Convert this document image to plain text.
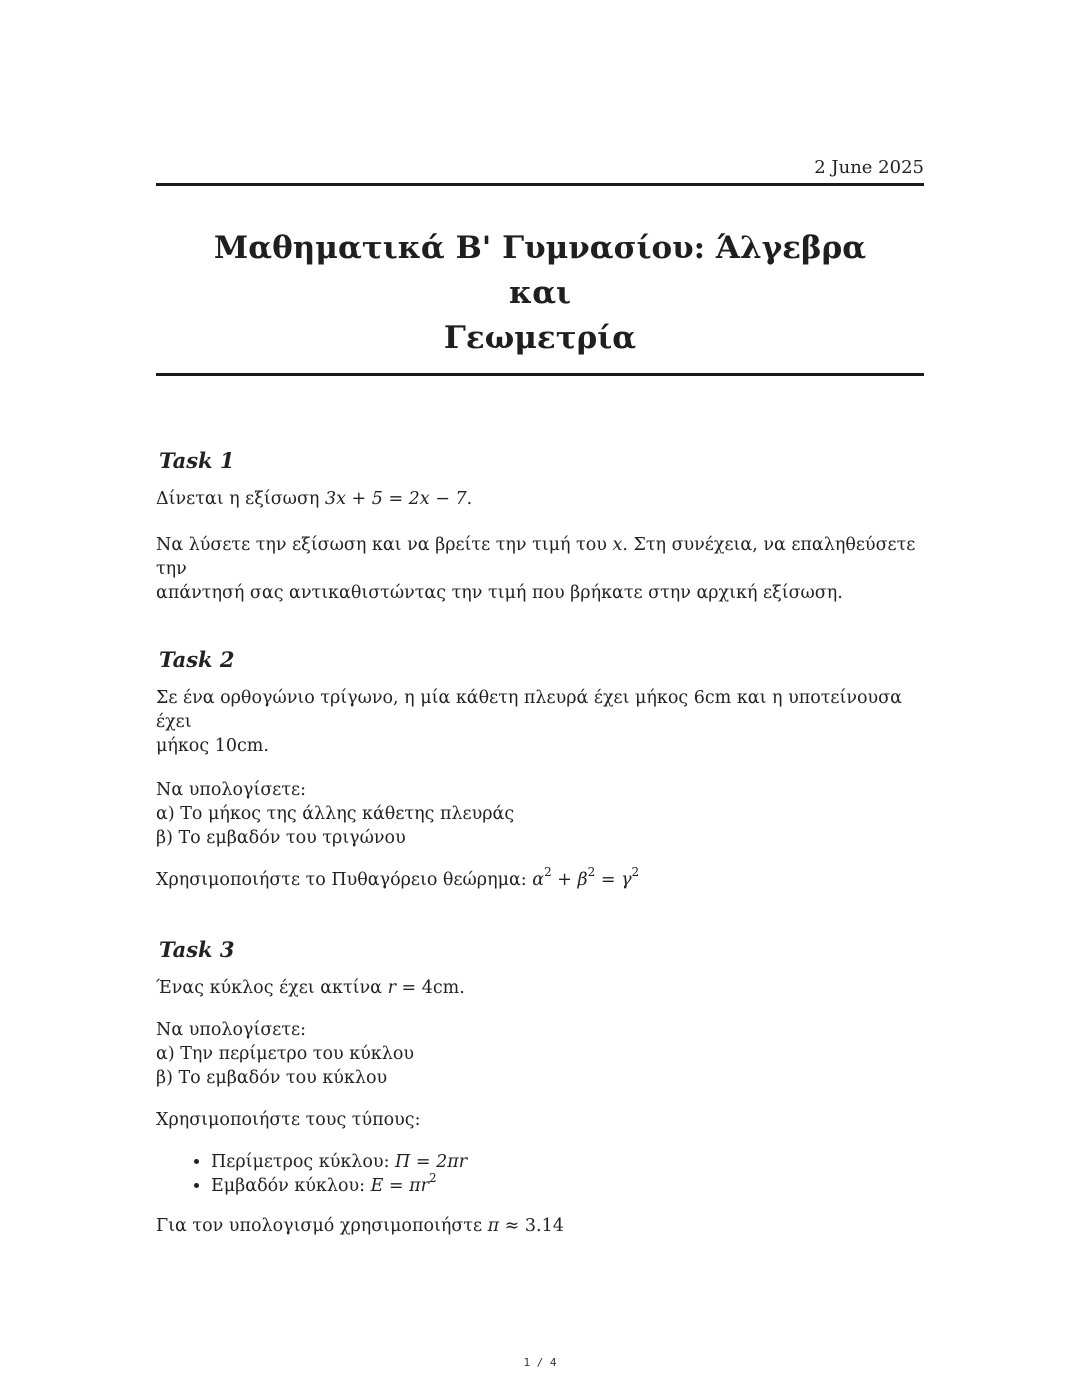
2 June 2025
Μαθηματικά Β' Γυμνασίου: Άλγεβρα και
Γεωμετρία
Task 1

Δίνεται η εξίσωση 3x + 5 = 2x − 7.

Να λύσετε την εξίσωση και να βρείτε την τιμή του x. Στη συνέχεια, να επαληθεύσετε την
απάντησή σας αντικαθιστώντας την τιμή που βρήκατε στην αρχική εξίσωση.

Task 2

Σε ένα ορθογώνιο τρίγωνο, η μία κάθετη πλευρά έχει μήκος 6cm και η υποτείνουσα έχει
μήκος 10cm.

Να υπολογίσετε:
α) Το μήκος της άλλης κάθετης πλευράς
β) Το εμβαδόν του τριγώνου

Χρησιμοποιήστε το Πυθαγόρειο θεώρημα: $\alpha^2 + \beta^2 = \gamma^2$

Task 3

Ένας κύκλος έχει ακτίνα r = 4cm.

Να υπολογίσετε:
α) Την περίμετρο του κύκλου
β) Το εμβαδόν του κύκλου

Χρησιμοποιήστε τους τύπους:

• Περίμετρος κύκλου: Π = 2πr
• Εμβαδόν κύκλου: $E = \pi r^2$

Για τον υπολογισμό χρησιμοποιήστε π ≈ 3.14

1 / 4
